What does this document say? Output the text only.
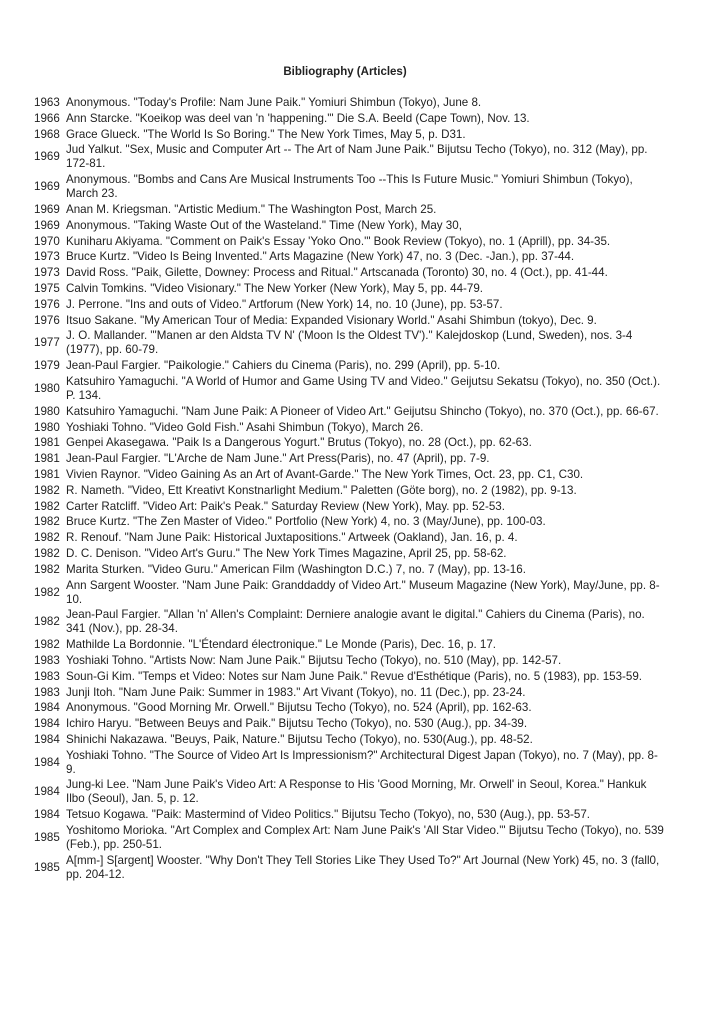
Bibliography (Articles)
1963 Anonymous. "Today's Profile: Nam June Paik." Yomiuri Shimbun (Tokyo), June 8.
1966 Ann Starcke. "Koeikop was deel van 'n 'happening.'" Die S.A. Beeld (Cape Town), Nov. 13.
1968 Grace Glueck. "The World Is So Boring." The New York Times, May 5, p. D31.
1969
Jud Yalkut. "Sex, Music and Computer Art -- The Art of Nam June Paik." Bijutsu Techo (Tokyo), no. 312 (May), pp. 172-81.
1969
Anonymous. "Bombs and Cans Are Musical Instruments Too --This Is Future Music." Yomiuri Shimbun (Tokyo), March 23.
1969 Anan M. Kriegsman. "Artistic Medium." The Washington Post, March 25.
1969 Anonymous. "Taking Waste Out of the Wasteland." Time (New York), May 30,
1970 Kuniharu Akiyama. "Comment on Paik's Essay 'Yoko Ono.'" Book Review (Tokyo), no. 1 (Aprill), pp. 34-35.
1973 Bruce Kurtz. "Video Is Being Invented." Arts Magazine (New York) 47, no. 3 (Dec. -Jan.), pp. 37-44.
1973 David Ross. "Paik, Gilette, Downey: Process and Ritual." Artscanada (Toronto) 30, no. 4 (Oct.), pp. 41-44.
1975 Calvin Tomkins. "Video Visionary." The New Yorker (New York), May 5, pp. 44-79.
1976 J. Perrone. "Ins and outs of Video." Artforum (New York) 14, no. 10 (June), pp. 53-57.
1976 Itsuo Sakane. "My American Tour of Media: Expanded Visionary World." Asahi Shimbun (tokyo), Dec. 9.
1977
J. O. Mallander. "'Manen ar den Aldsta TV N' ('Moon Is the Oldest TV')." Kalejdoskop (Lund, Sweden), nos. 3-4 (1977), pp. 60-79.
1979 Jean-Paul Fargier. "Paikologie." Cahiers du Cinema (Paris), no. 299 (April), pp. 5-10.
1980
Katsuhiro Yamaguchi. "A World of Humor and Game Using TV and Video." Geijutsu Sekatsu (Tokyo), no. 350 (Oct.). P. 134.
1980 Katsuhiro Yamaguchi. "Nam June Paik: A Pioneer of Video Art." Geijutsu Shincho (Tokyo), no. 370 (Oct.), pp. 66-67.
1980 Yoshiaki Tohno. "Video Gold Fish." Asahi Shimbun (Tokyo), March 26.
1981 Genpei Akasegawa. "Paik Is a Dangerous Yogurt." Brutus (Tokyo), no. 28 (Oct.), pp. 62-63.
1981 Jean-Paul Fargier. "L'Arche de Nam June." Art Press(Paris), no. 47 (April), pp. 7-9.
1981 Vivien Raynor. "Video Gaining As an Art of Avant-Garde." The New York Times, Oct. 23, pp. C1, C30.
1982 R. Nameth. "Video, Ett Kreativt Konstnarlight Medium." Paletten (Göte borg), no. 2 (1982), pp. 9-13.
1982 Carter Ratcliff. "Video Art: Paik's Peak." Saturday Review (New York), May. pp. 52-53.
1982 Bruce Kurtz. "The Zen Master of Video." Portfolio (New York) 4, no. 3 (May/June), pp. 100-03.
1982 R. Renouf. "Nam June Paik: Historical Juxtapositions." Artweek (Oakland), Jan. 16, p. 4.
1982 D. C. Denison. "Video Art's Guru." The New York Times Magazine, April 25, pp. 58-62.
1982 Marita Sturken. "Video Guru." American Film (Washington D.C.) 7, no. 7 (May), pp. 13-16.
1982
Ann Sargent Wooster. "Nam June Paik: Granddaddy of Video Art." Museum Magazine (New York), May/June, pp. 8-10.
1982
Jean-Paul Fargier. "Allan 'n' Allen's Complaint: Derniere analogie avant le digital." Cahiers du Cinema (Paris), no. 341 (Nov.), pp. 28-34.
1982 Mathilde La Bordonnie. "L'Étendard électronique." Le Monde (Paris), Dec. 16, p. 17.
1983 Yoshiaki Tohno. "Artists Now: Nam June Paik." Bijutsu Techo (Tokyo), no. 510 (May), pp. 142-57.
1983 Soun-Gi Kim. "Temps et Video: Notes sur Nam June Paik." Revue d'Esthétique (Paris), no. 5 (1983), pp. 153-59.
1983 Junji Itoh. "Nam June Paik: Summer in 1983." Art Vivant (Tokyo), no. 11 (Dec.), pp. 23-24.
1984 Anonymous. "Good Morning Mr. Orwell." Bijutsu Techo (Tokyo), no. 524 (April), pp. 162-63.
1984 Ichiro Haryu. "Between Beuys and Paik." Bijutsu Techo (Tokyo), no. 530 (Aug.), pp. 34-39.
1984 Shinichi Nakazawa. "Beuys, Paik, Nature." Bijutsu Techo (Tokyo), no. 530(Aug.), pp. 48-52.
1984
Yoshiaki Tohno. "The Source of Video Art Is Impressionism?" Architectural Digest Japan (Tokyo), no. 7 (May), pp. 8-9.
1984
Jung-ki Lee. "Nam June Paik's Video Art: A Response to His 'Good Morning, Mr. Orwell' in Seoul, Korea." Hankuk Ilbo (Seoul), Jan. 5, p. 12.
1984 Tetsuo Kogawa. "Paik: Mastermind of Video Politics." Bijutsu Techo (Tokyo), no, 530 (Aug.), pp. 53-57.
1985
Yoshitomo Morioka. "Art Complex and Complex Art: Nam June Paik's 'All Star Video.'" Bijutsu Techo (Tokyo), no. 539 (Feb.), pp. 250-51.
1985
A[mm-] S[argent] Wooster. "Why Don't They Tell Stories Like They Used To?" Art Journal (New York) 45, no. 3 (fall0, pp. 204-12.
